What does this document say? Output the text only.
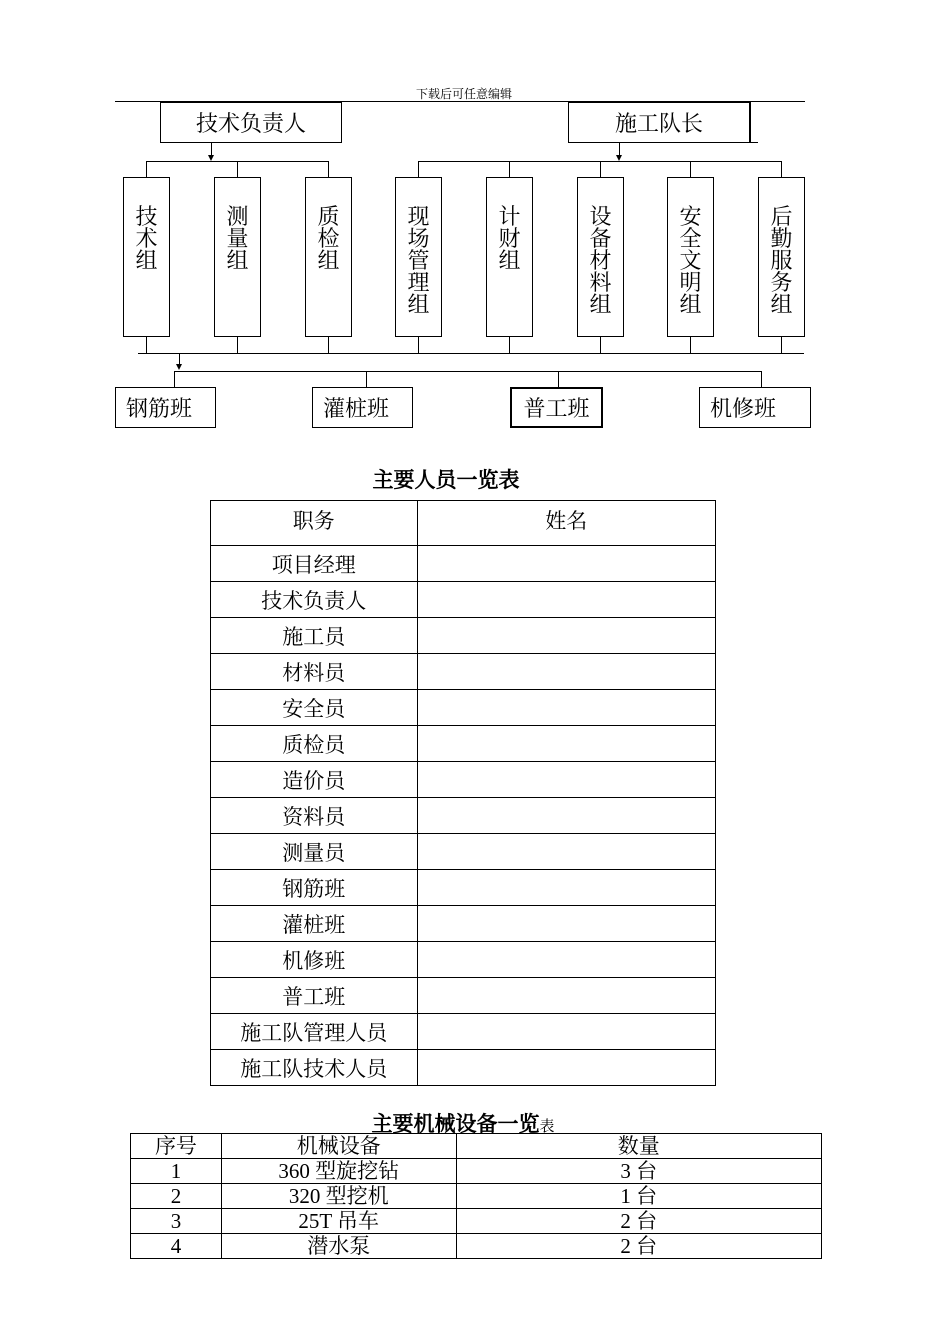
下载后可任意编辑
技术负责人	施工队长
技术组
测量组
质检组
现场管理组
计财组
设备材料组
安全文明组
后勤服务组
钢筋班	灌桩班	普工班	机修班
主要人员一览表
职务	姓名
项目经理	
技术负责人	
施工员	
材料员	
安全员	
质检员	
造价员	
资料员	
测量员	
钢筋班	
灌桩班	
机修班	
普工班	
施工队管理人员	
施工队技术人员	
主要机械设备一览表
序号	机械设备	数量
1	360 型旋挖钻	3 台
2	320 型挖机	1 台
3	25T 吊车	2 台
4	潜水泵	2 台
